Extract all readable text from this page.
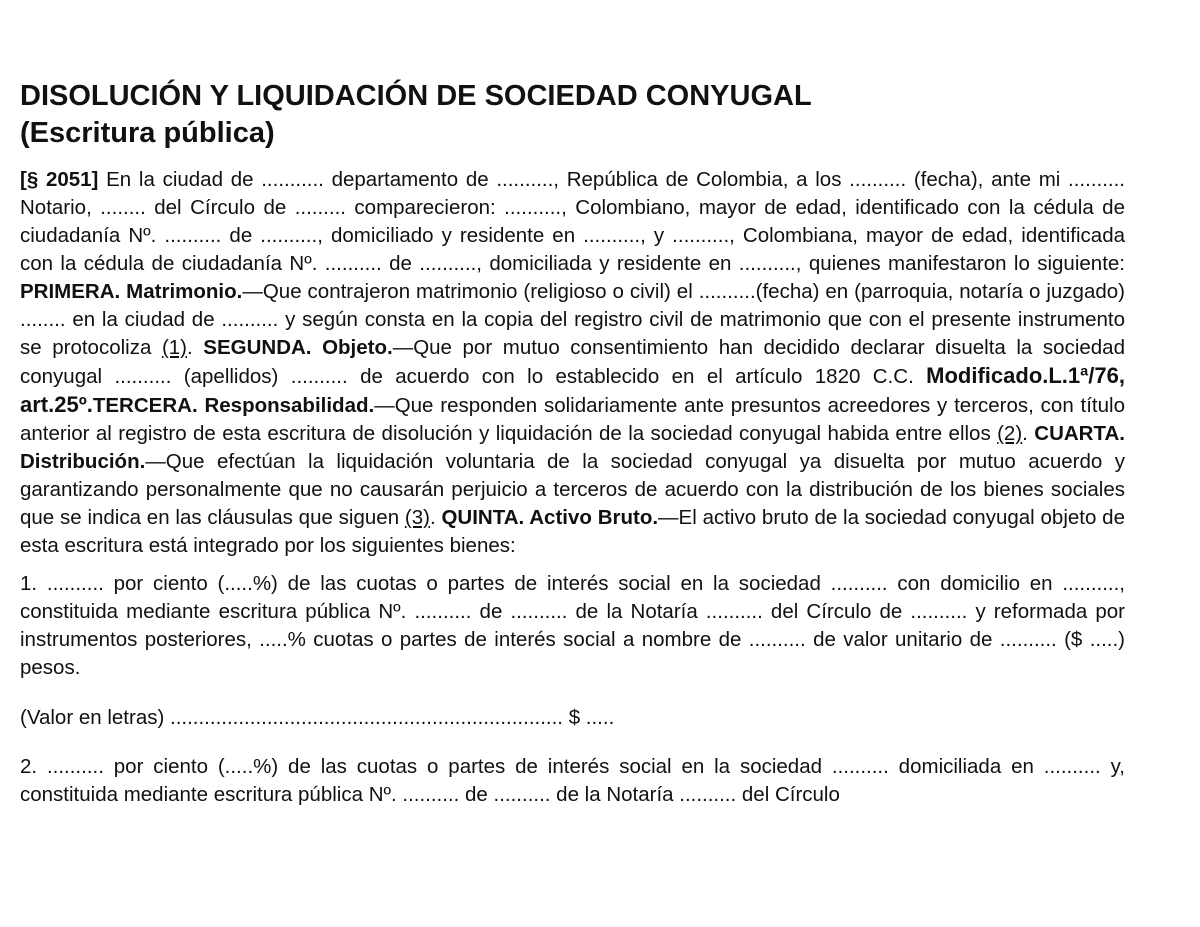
DISOLUCIÓN Y LIQUIDACIÓN DE SOCIEDAD CONYUGAL
(Escritura pública)

[§ 2051] En la ciudad de ........... departamento de .........., República de Colombia, a los .......... (fecha), ante mi .......... Notario, ........ del Círculo de ......... comparecieron: .........., Colombiano, mayor de edad, identificado con la cédula de ciudadanía Nº. .......... de .........., domiciliado y residente en .........., y .........., Colombiana, mayor de edad, identificada con la cédula de ciudadanía Nº. .......... de .........., domiciliada y residente en .........., quienes manifestaron lo siguiente: PRIMERA. Matrimonio.—Que contrajeron matrimonio (religioso o civil) el ..........(fecha) en (parroquia, notaría o juzgado) ........ en la ciudad de .......... y según consta en la copia del registro civil de matrimonio que con el presente instrumento se protocoliza (1). SEGUNDA. Objeto.—Que por mutuo consentimiento han decidido declarar disuelta la sociedad conyugal .......... (apellidos) .......... de acuerdo con lo establecido en el artículo 1820 C.C. Modificado.L.1ª/76, art.25º.TERCERA. Responsabilidad.—Que responden solidariamente ante presuntos acreedores y terceros, con título anterior al registro de esta escritura de disolución y liquidación de la sociedad conyugal habida entre ellos (2). CUARTA. Distribución.—Que efectúan la liquidación voluntaria de la sociedad conyugal ya disuelta por mutuo acuerdo y garantizando personalmente que no causarán perjuicio a terceros de acuerdo con la distribución de los bienes sociales que se indica en las cláusulas que siguen (3). QUINTA. Activo Bruto.—El activo bruto de la sociedad conyugal objeto de esta escritura está integrado por los siguientes bienes:

1. .......... por ciento (.....%) de las cuotas o partes de interés social en la sociedad .......... con domicilio en .........., constituida mediante escritura pública Nº. .......... de .......... de la Notaría .......... del Círculo de .......... y reformada por instrumentos posteriores, .....% cuotas o partes de interés social a nombre de .......... de valor unitario de .......... ($ .....) pesos.

(Valor en letras) ..................................................................... $ .....

2. .......... por ciento (.....%) de las cuotas o partes de interés social en la sociedad .......... domiciliada en .......... y, constituida mediante escritura pública Nº. .......... de .......... de la Notaría .......... del Círculo
